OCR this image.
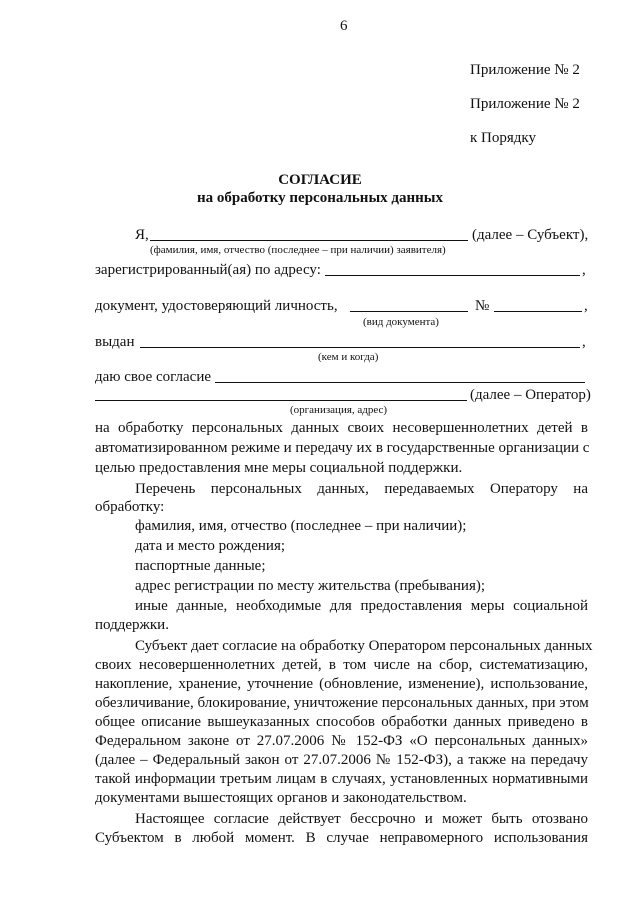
6
Приложение № 2
Приложение № 2
к Порядку
СОГЛАСИЕ
на обработку персональных данных
Я,	(далее – Субъект),
(фамилия, имя, отчество (последнее – при наличии) заявителя)
зарегистрированный(ая) по адресу:	,
документ, удостоверяющий личность,	№	,
(вид документа)
выдан	,
(кем и когда)
даю свое согласие
(далее – Оператор)
(организация, адрес)
на обработку персональных данных своих несовершеннолетних детей в
автоматизированном режиме и передачу их в государственные организации с
целью предоставления мне меры социальной поддержки.
Перечень персональных данных, передаваемых Оператору на
обработку:
фамилия, имя, отчество (последнее – при наличии);
дата и место рождения;
паспортные данные;
адрес регистрации по месту жительства (пребывания);
иные данные, необходимые для предоставления меры социальной
поддержки.
Субъект дает согласие на обработку Оператором персональных данных
своих несовершеннолетних детей, в том числе на сбор, систематизацию,
накопление, хранение, уточнение (обновление, изменение), использование,
обезличивание, блокирование, уничтожение персональных данных, при этом
общее описание вышеуказанных способов обработки данных приведено в
Федеральном законе от 27.07.2006 № 152-ФЗ «О персональных данных»
(далее – Федеральный закон от 27.07.2006 № 152-ФЗ), а также на передачу
такой информации третьим лицам в случаях, установленных нормативными
документами вышестоящих органов и законодательством.
Настоящее согласие действует бессрочно и может быть отозвано
Субъектом в любой момент. В случае неправомерного использования
